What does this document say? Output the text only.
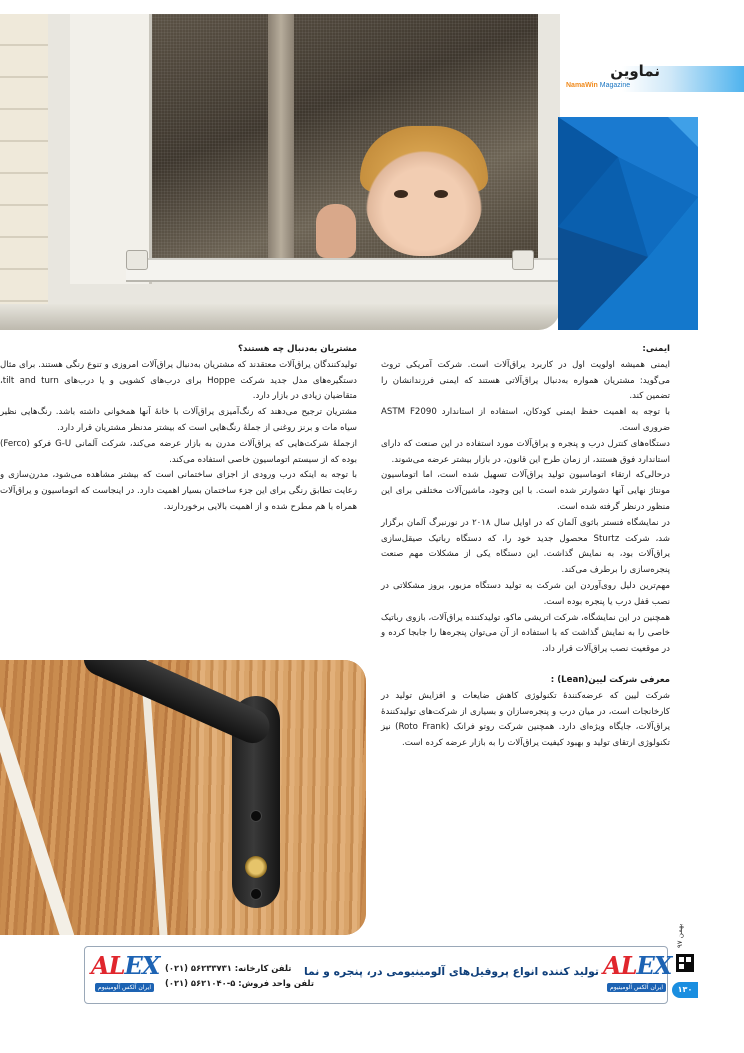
نماوین
NamaWin Magazine

ایمنی:

ایمنی همیشه اولویت اول در کاربرد یراق‌آلات است. شرکت آمریکی تروث می‌گوید: مشتریان همواره به‌دنبال یراق‌آلاتی هستند که ایمنی فرزندانشان را تضمین کند.

با توجه به اهمیت حفظ ایمنی کودکان، استفاده از استاندارد ASTM F2090 ضروری است.

دستگاه‌های کنترل درب و پنجره و یراق‌آلات مورد استفاده در این صنعت که دارای استاندارد فوق هستند، از زمان طرح این قانون، در بازار بیشتر عرضه می‌شوند.

درحالی‌که ارتقاء اتوماسیون تولید یراق‌آلات تسهیل شده است، اما اتوماسیون مونتاژ نهایی آنها دشوارتر شده است. با این وجود، ماشین‌آلات مختلفی برای این منظور درنظر گرفته شده است.

در نمایشگاه فنستر باثوی آلمان که در اوایل سال ۲۰۱۸ در نورنبرگ آلمان برگزار شد، شرکت Sturtz محصول جدید خود را، که دستگاه رباتیک صیقل‌سازی یراق‌آلات بود، به نمایش گذاشت. این دستگاه یکی از مشکلات مهم صنعت پنجره‌سازی را برطرف می‌کند.

مهم‌ترین دلیل روی‌آوردن این شرکت به تولید دستگاه مزبور، بروز مشکلاتی در نصب قفل درب یا پنجره بوده است.

همچنین در این نمایشگاه، شرکت اتریشی ماکو، تولیدکننده یراق‌آلات، بازوی رباتیک خاصی را به نمایش گذاشت که با استفاده از آن می‌توان پنجره‌ها را جابجا کرده و در موقعیت نصب یراق‌آلات قرار داد.

معرفی شرکت لیین(Lean) :

شرکت لیین که عرضه‌کنندهٔ تکنولوژی کاهش ضایعات و افزایش تولید در کارخانجات است، در میان درب و پنجره‌سازان و بسیاری از شرکت‌های تولیدکنندهٔ یراق‌آلات، جایگاه ویژه‌ای دارد. همچنین شرکت روتو فرانک (Roto Frank) نیز تکنولوژی ارتقای تولید و بهبود کیفیت یراق‌آلات را به بازار عرضه کرده است.

مشتریان به‌دنبال چه هستند؟

تولیدکنندگان یراق‌آلات معتقدند که مشتریان به‌دنبال یراق‌آلات امروزی و تنوع رنگی هستند. برای مثال دستگیره‌های مدل جدید شرکت Hoppe برای درب‌های کشویی و یا درب‌های tilt and turn، متقاضیان زیادی در بازار دارد.

مشتریان ترجیح می‌دهند که رنگ‌آمیزی یراق‌آلات با خانهٔ آنها همخوانی داشته باشد. رنگ‌هایی نظیر سیاه مات و برنز روغنی از جملهٔ رنگ‌هایی است که بیشتر مدنظر مشتریان قرار دارد.

ازجملهٔ شرکت‌هایی که یراق‌آلات مدرن به بازار عرضه می‌کند، شرکت آلمانی G-U فرکو (Ferco) بوده که از سیستم اتوماسیون خاصی استفاده می‌کند.

با توجه به اینکه درب ورودی از اجزای ساختمانی است که بیشتر مشاهده می‌شود، مدرن‌سازی و رعایت تطابق رنگی برای این جزء ساختمان بسیار اهمیت دارد. در اینجاست که اتوماسیون و یراق‌آلات همراه با هم مطرح شده و از اهمیت بالایی برخوردارند.

ALEX
ایران آلکس آلومینیوم
تلفن کارخانه: ۵۶۲۳۳۷۳۱ (۰۲۱)
تلفن واحد فروش: ۵-۵۶۲۱۰۴۰ (۰۲۱)
تولید کننده انواع پروفیل‌های آلومینیومی در، پنجره و نما ALEX
ایران آلکس آلومینیوم
بهمن ۹۷
۱۳۰
